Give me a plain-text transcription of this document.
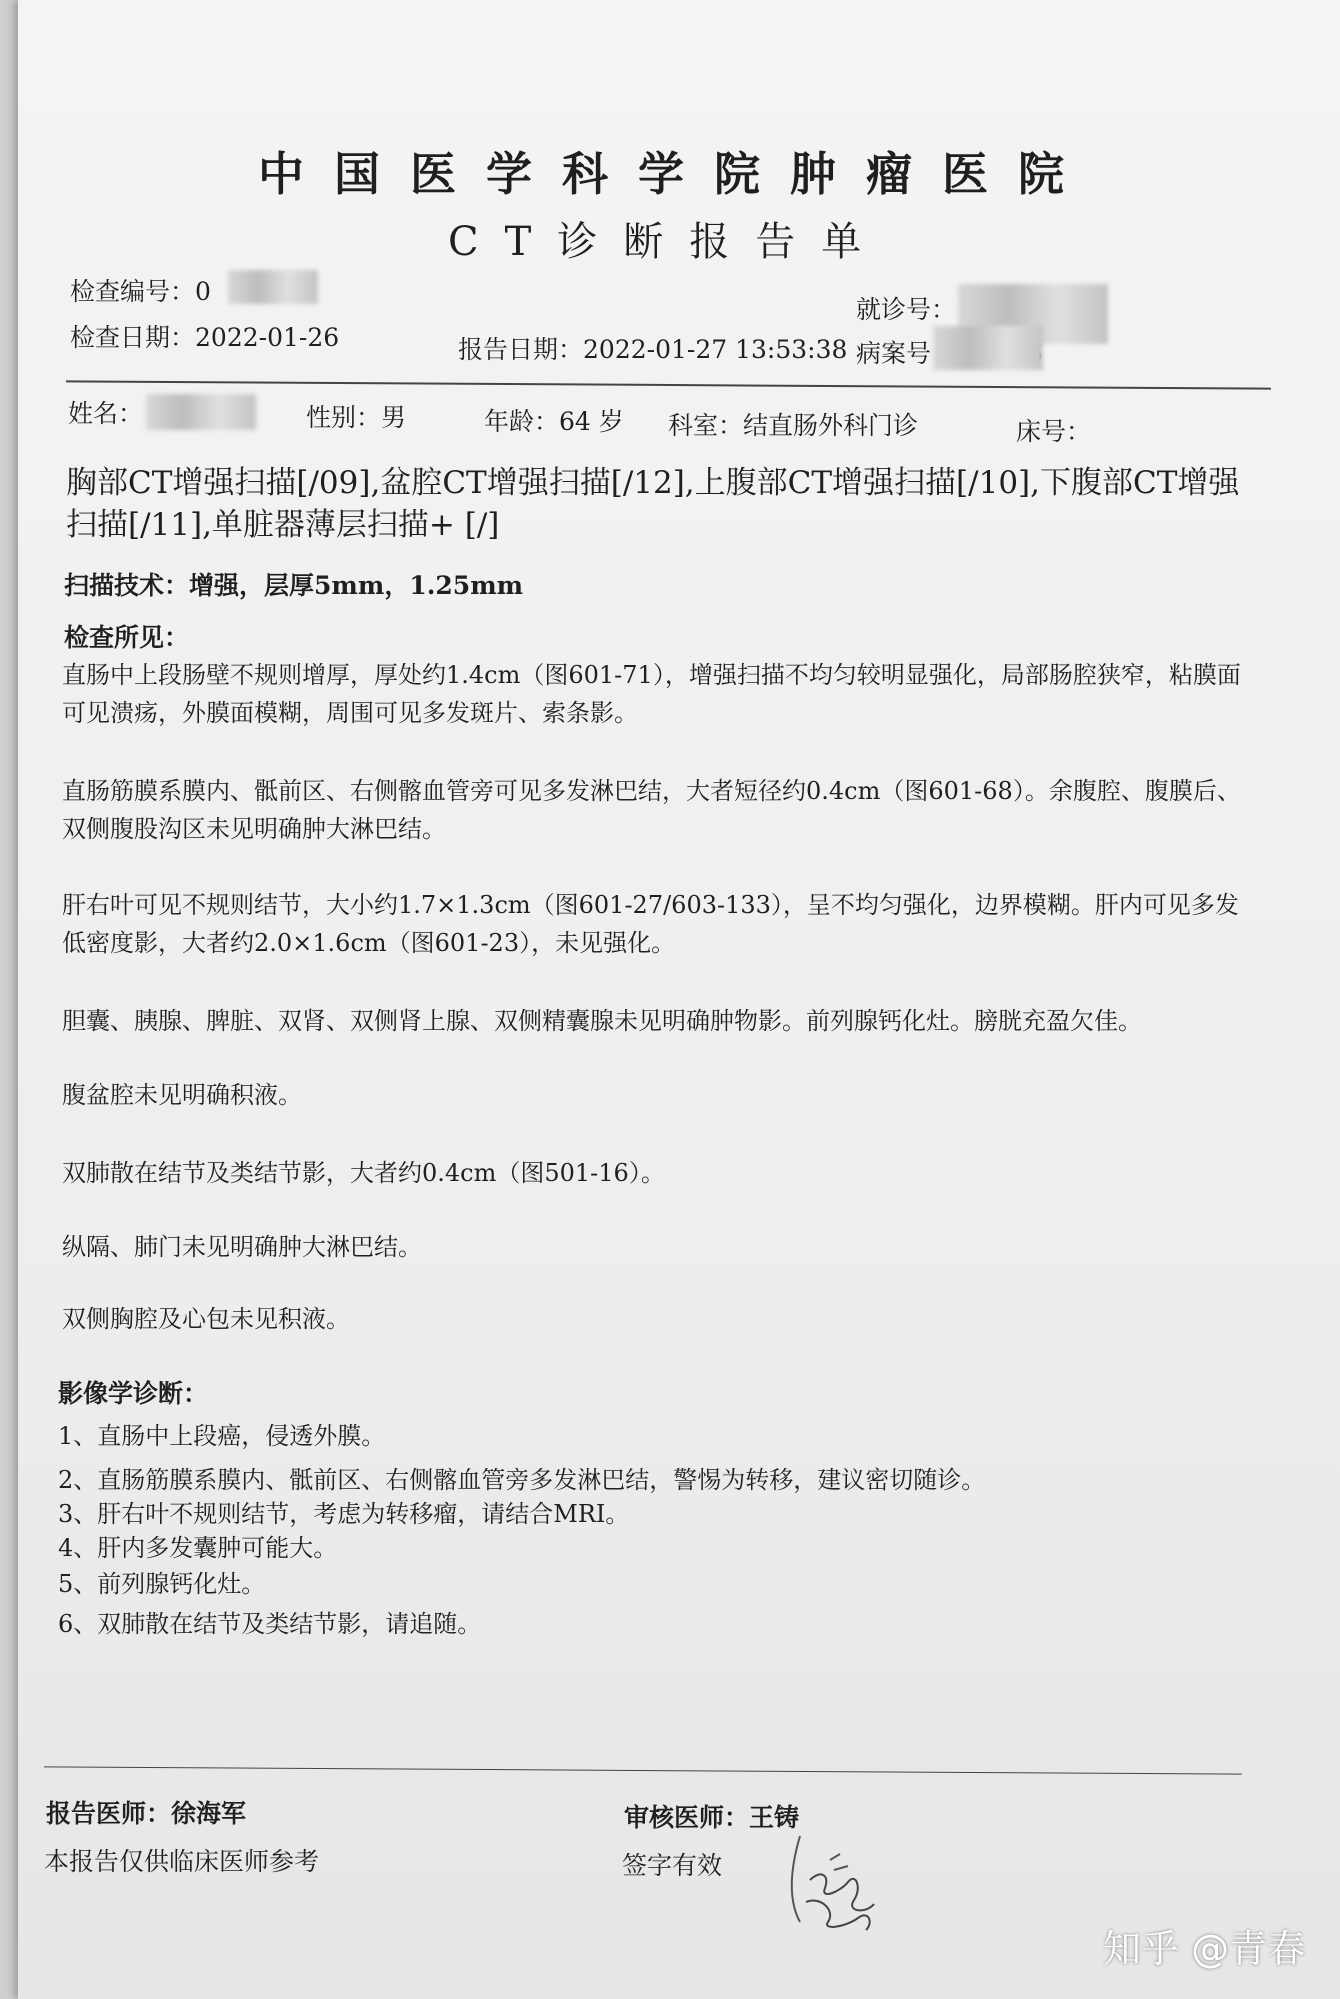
中国医学科学院肿瘤医院
CT诊断报告单
检查编号：0
就诊号：
检查日期：2022-01-26	报告日期：2022-01-27 13:53:38 病案号
姓名：	性别：男	年龄：64 岁 科室：结直肠外科门诊	床号：
胸部CT增强扫描[/09],盆腔CT增强扫描[/12],上腹部CT增强扫描[/10],下腹部CT增强扫描[/11],单脏器薄层扫描+ [/]
扫描技术：增强，层厚5mm，1.25mm
检查所见：
直肠中上段肠壁不规则增厚，厚处约1.4cm（图601-71），增强扫描不均匀较明显强化，局部肠腔狭窄，粘膜面可见溃疡，外膜面模糊，周围可见多发斑片、索条影。
直肠筋膜系膜内、骶前区、右侧髂血管旁可见多发淋巴结，大者短径约0.4cm（图601-68）。余腹腔、腹膜后、双侧腹股沟区未见明确肿大淋巴结。
肝右叶可见不规则结节，大小约1.7×1.3cm（图601-27/603-133），呈不均匀强化，边界模糊。肝内可见多发低密度影，大者约2.0×1.6cm（图601-23），未见强化。
胆囊、胰腺、脾脏、双肾、双侧肾上腺、双侧精囊腺未见明确肿物影。前列腺钙化灶。膀胱充盈欠佳。
腹盆腔未见明确积液。
双肺散在结节及类结节影，大者约0.4cm（图501-16）。
纵隔、肺门未见明确肿大淋巴结。
双侧胸腔及心包未见积液。
影像学诊断：
1、直肠中上段癌，侵透外膜。
2、直肠筋膜系膜内、骶前区、右侧髂血管旁多发淋巴结，警惕为转移，建议密切随诊。
3、肝右叶不规则结节，考虑为转移瘤，请结合MRI。
4、肝内多发囊肿可能大。
5、前列腺钙化灶。
6、双肺散在结节及类结节影，请追随。
报告医师：徐海军	审核医师：王铸
本报告仅供临床医师参考	签字有效
知乎 @青春
